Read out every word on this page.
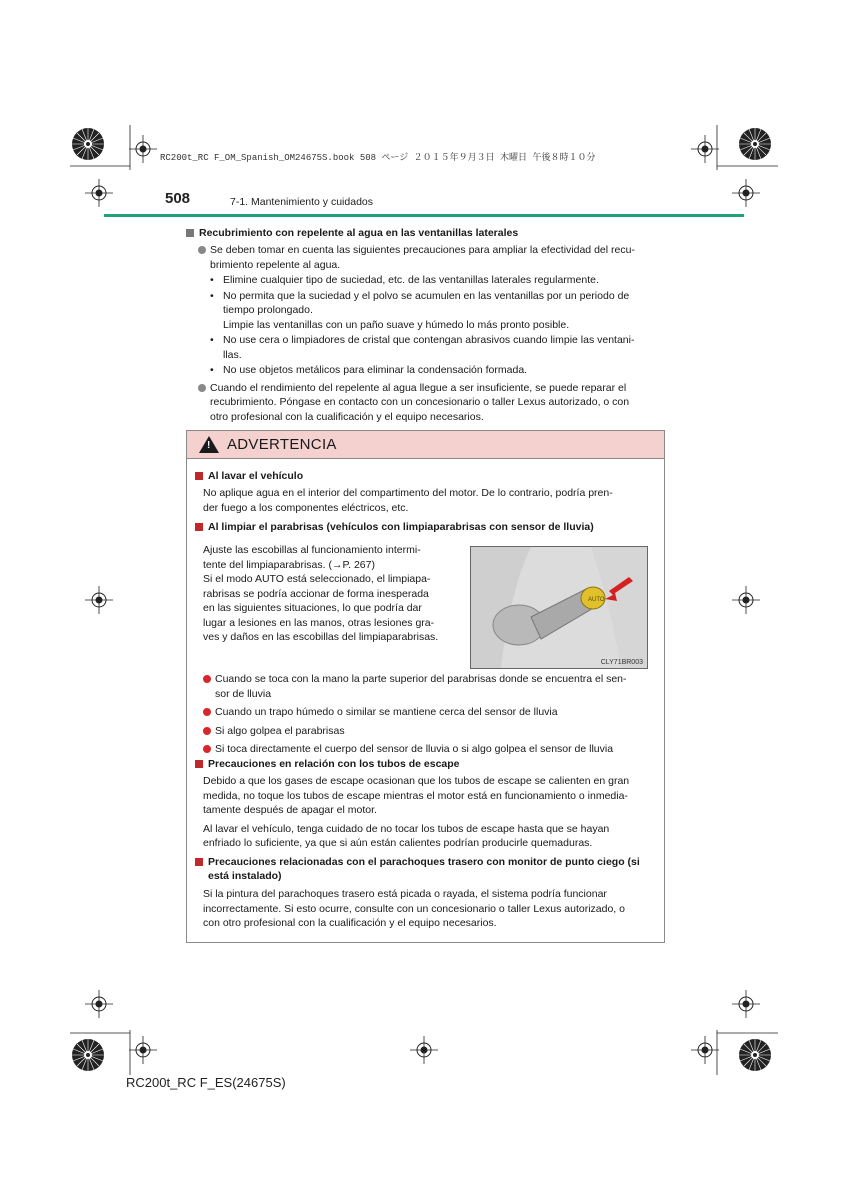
RC200t_RC F_OM_Spanish_OM24675S.book 508 ページ ２０１５年９月３日 木曜日 午後８時１０分
508	7-1. Mantenimiento y cuidados
Recubrimiento con repelente al agua en las ventanillas laterales
Se deben tomar en cuenta las siguientes precauciones para ampliar la efectividad del recu-
brimiento repelente al agua.
• Elimine cualquier tipo de suciedad, etc. de las ventanillas laterales regularmente.
• No permita que la suciedad y el polvo se acumulen en las ventanillas por un periodo de
tiempo prolongado.
Limpie las ventanillas con un paño suave y húmedo lo más pronto posible.
• No use cera o limpiadores de cristal que contengan abrasivos cuando limpie las ventani-
llas.
• No use objetos metálicos para eliminar la condensación formada.
Cuando el rendimiento del repelente al agua llegue a ser insuficiente, se puede reparar el
recubrimiento. Póngase en contacto con un concesionario o taller Lexus autorizado, o con
otro profesional con la cualificación y el equipo necesarios.
! ADVERTENCIA
Al lavar el vehículo
No aplique agua en el interior del compartimento del motor. De lo contrario, podría pren-
der fuego a los componentes eléctricos, etc.
Al limpiar el parabrisas (vehículos con limpiaparabrisas con sensor de lluvia)
Ajuste las escobillas al funcionamiento intermi-
tente del limpiaparabrisas. (→P. 267)
Si el modo AUTO está seleccionado, el limpiapa-
rabrisas se podría accionar de forma inesperada
en las siguientes situaciones, lo que podría dar
lugar a lesiones en las manos, otras lesiones gra-
ves y daños en las escobillas del limpiaparabrisas.
AUTO
CLY71BR003
Cuando se toca con la mano la parte superior del parabrisas donde se encuentra el sen-
sor de lluvia
Cuando un trapo húmedo o similar se mantiene cerca del sensor de lluvia
Si algo golpea el parabrisas
Si toca directamente el cuerpo del sensor de lluvia o si algo golpea el sensor de lluvia
Precauciones en relación con los tubos de escape
Debido a que los gases de escape ocasionan que los tubos de escape se calienten en gran
medida, no toque los tubos de escape mientras el motor está en funcionamiento o inmedia-
tamente después de apagar el motor.
Al lavar el vehículo, tenga cuidado de no tocar los tubos de escape hasta que se hayan
enfriado lo suficiente, ya que si aún están calientes podrían producirle quemaduras.
Precauciones relacionadas con el parachoques trasero con monitor de punto ciego (si
está instalado)
Si la pintura del parachoques trasero está picada o rayada, el sistema podría funcionar
incorrectamente. Si esto ocurre, consulte con un concesionario o taller Lexus autorizado, o
con otro profesional con la cualificación y el equipo necesarios.
RC200t_RC F_ES(24675S)
